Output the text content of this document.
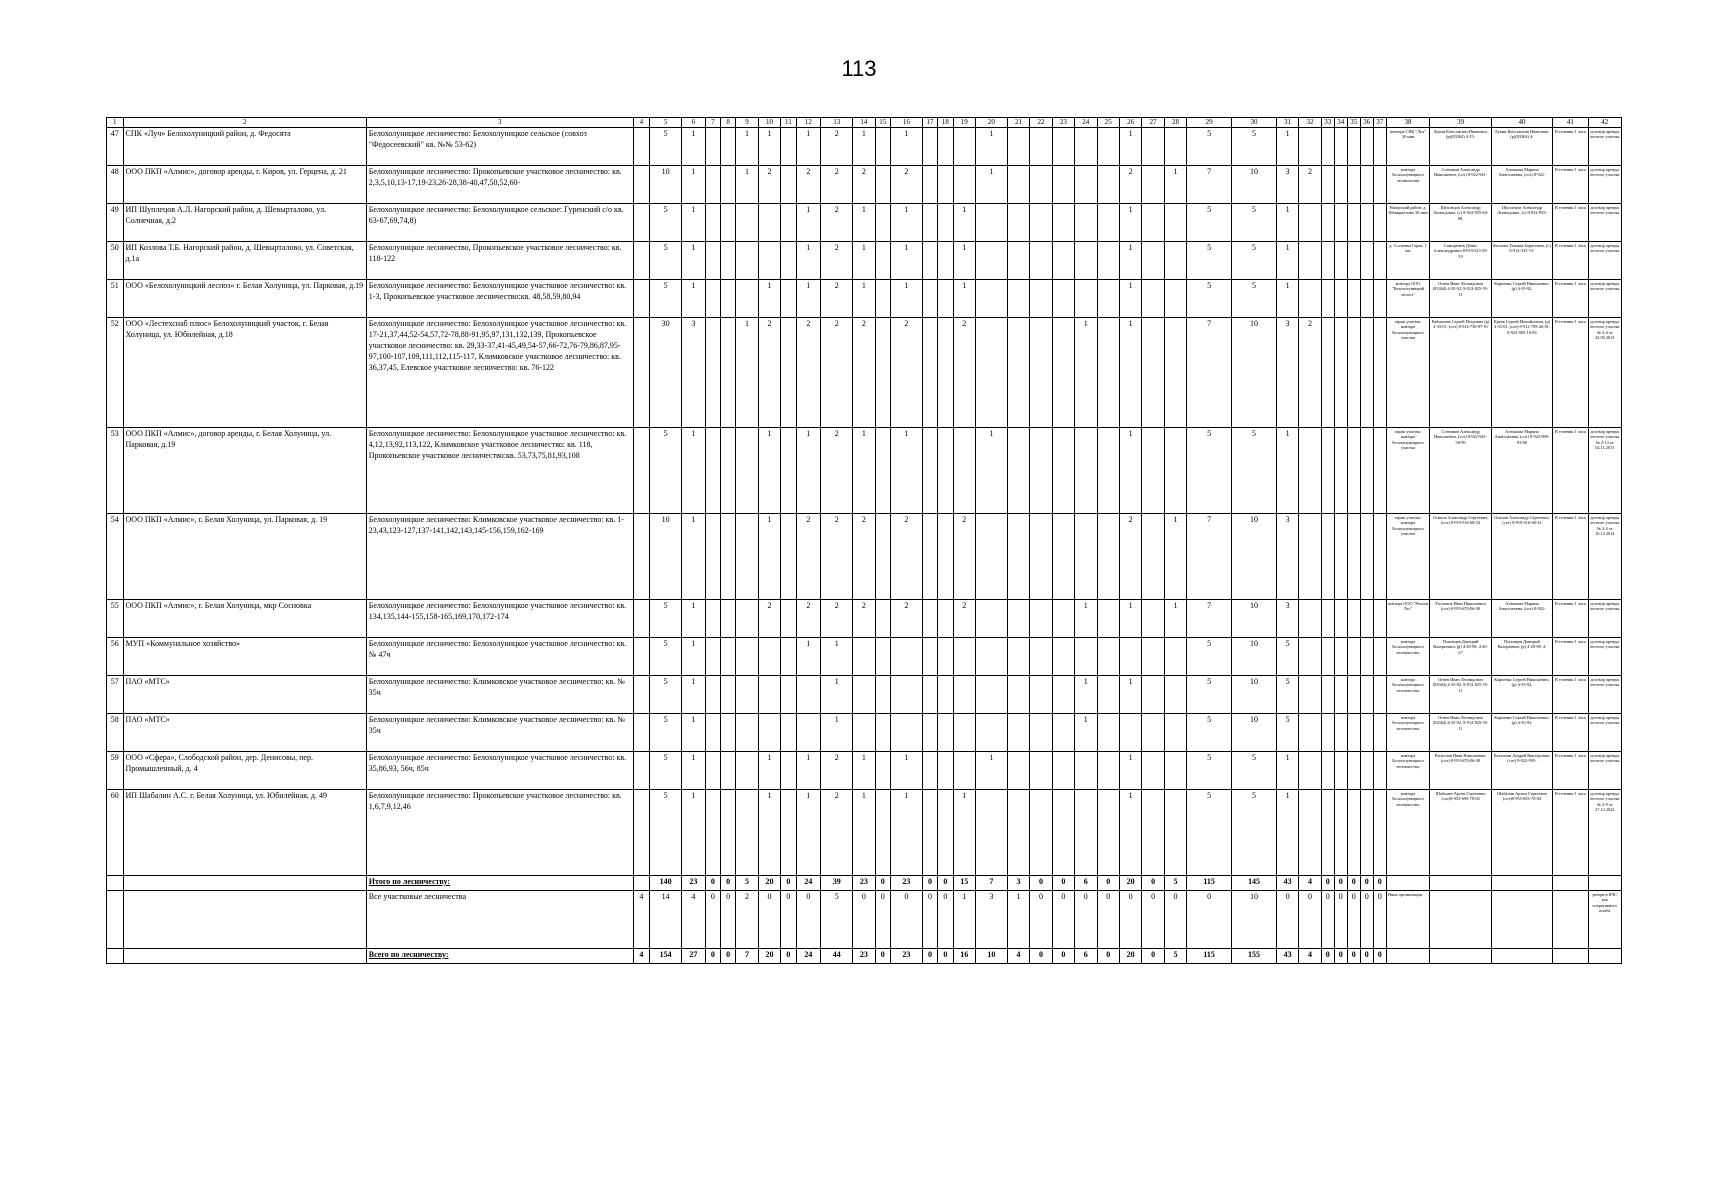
113
1	2	3	4	5	6	7	8	9	10	11	12	13	14	15	16	17	18	19	20	21	22	23	24	25	26	27	28	29	30	31	32	33	34	35	36	37	38	39	40	41	42
47	СПК «Луч» Белохолуницкий район, д. Федосята	Белохолуницкое лесничество: Белохолуницкое сельское (совхоз "Федосеевский" кв. №№ 53-62)		5	1			1	1		1	2	1		1				1						1			5	5	1							контора СПК "Луч" 30 мин	Лукин Константин Иванович, (р)(83364) 4-15-	Лукин Константин Иванович, (р)(83364) 4-	В течении 1 часа	договор аренды лесного участка
48	ООО ПКП «Алмис», договор аренды, г. Киров, ул. Герцена, д. 21	Белохолуницкое лесничество: Прокопьевское участковое лесничество: кв. 2,3,5,10,13-17,19-23,26-28,38-40,47,50,52,60-		10	1			1	2		2	2	2		2				1						2		1	7	10	3	2						контора Белохолуницкого лесничества	Сотников Александр Николаевич, (сот) 8-922-941-	Алтыкова Марина Анатольевна, (сот) 8-922-	В течении 1 часа	договор аренды лесного участка
49	ИП Шуплецов А.Л. Нагорский район, д. Шевырталово, ул. Солнечная, д.2	Белохолуницкое лесничество: Белохолуницкое сельское: Гуренский с/о кв. 63-67,69,74,8)		5	1						1	2	1		1			1							1			5	5	1							Нагорский район, д. Шевырталово 30 мин	Шуплецов Александр Леонидович, (с) 8-922-955-63-68,	Шуплецов Александр Леонидович, (с) 8-922-955-	В течении 1 часа	договор аренды лесного участка
50	ИП Козлова Т.Б. Нагорский район, д. Шевырталово, ул. Советская, д.1а	Белохолуницкое лесничество, Прокопьевское участковое лесничество: кв. 118-122		5	1						1	2	1		1			1							1			5	5	1							д. Сосновка Гарек, 1 час	Самодюков Денис Александрович 8-919-523-59-19	Козлова Татьяна Борисовна, (с) 8-912-333-72-	В течении 1 часа	договор аренды лесного участка
51	ООО «Белохолуницкий леспоз» г. Белая Холуница, ул. Парковая, д.19	Белохолуницкое лесничество: Белохолуницкое участковое лесничество: кв. 1-3, Прокопьевское участковое лесничество:кв. 48,58,59,80,94		5	1				1		1	2	1		1			1							1			5	5	1							контора ООО "Белохолуницкий леспоз"	Огнев Иван Леонидович (83364) 4-35-92, 8-912-825-55-11	Карпенко Сергей Николаевич, (р) 4-35-92,	В течении 1 часа	договор аренды лесного участка
52	ООО «Лестехснаб плюс» Белохолуницкий участок, г. Белая Холуница, ул. Юбилейная, д.18	Белохолуницкое лесничество: Белохолуницкое участковое лесничество: кв. 17-21,37,44,52-54,57,72-78,88-91,95,97,131,132,139, Прокопьевское участковое лесничество: кв. 29,33-37,41-45,49,54-57,66-72,76-79,86,87,95-97,100-107,109,111,112,115-117, Климковское участковое лесничество: кв. 36,37,45, Елевское участковое лесничество: кв. 76-122		30	3			1	2		2	2	2		2			2					1		1			7	10	3	2						гараж участка, контора Белохолуницкого участка	Рябоконев Сергей Петрович (р) 4-33-01, (сот) 8-912-736-97-91	Креев Сергей Михайлович, (р) 4-33-01, (сот) 8-912-709-26-01, 8-922-905-16-83	В течении 1 часа	договор аренды лесного участка № 2-4 от 25.09.2013
53	ООО ПКП «Алмис», договор аренды, г. Белая Холуница, ул. Парковая, д.19	Белохолуницкое лесничество: Белохолуницкое участковое лесничество: кв. 4,12,13,92,113,122, Климковское участковое лесничество: кв. 118, Прокопьевское участковое лесничество:кв. 53,73,75,81,93,108		5	1				1		1	2	1		1				1						1			5	5	1							гараж участка, контора Белохолуницкого участка	Сотников Александр Николаевич, (сот) 8-922-941-50-99	Алтыкова Марина Анатольевна, (сот) 8-922-989-93-80	В течении 1 часа	договор аренды лесного участка № 2-14 от 02.11.2015
54	ООО ПКП «Алмис», г. Белая Холуница, ул. Парковая, д. 19	Белохолуницкое лесничество: Климковское участковое лесничество: кв. 1-23,43,123-127,137-141,142,143,145-156,159,162-169		10	1				1		2	2	2		2			2							2		1	7	10	3							гараж участка, контора Белохолуницкого участка	Осипов Александр Сергеевич, (сот) 8-919-516-68-32	Осипов Александр Сергеевич, (сот) 8-919-516-68-32	В течении 1 часа	договор аренды лесного участка № 2-3 от 10.12.2014
55	ООО ПКП «Алмис», г. Белая Холуница, мкр Сосновка	Белохолуницкое лесничество: Белохолуницкое участковое лесничество: кв. 134,135,144-155,158-165,169,170,172-174		5	1				2		2	2	2		2			2					1		1		1	7	10	3							контора ООО "Регион Лес"	Распопов Иван Николаевич (сот) 8-953-670-06-30	Алтыкова Марина Анатольевна, (сот) 8-922-	В течении 1 часа	договор аренды лесного участка
56	МУП «Коммунальное хозяйство»	Белохолуницкое лесничество: Белохолуницкое участковое лесничество: кв. № 47ч		5	1						1	1																5	10	5							контора Белохолуницкого лесничества,	Поповцев Дмитрий Валерьевич, (р) 4-20-98, 4-20-67	Поповцев Дмитрий Валерьевич, (р) 4-20-98, 4-	В течении 1 часа	договор аренды лесного участка
57	ПАО «МТС»	Белохолуницкое лесничество: Климковское участковое лесничество: кв. № 35ч		5	1							1											1		1			5	10	5							контора Белохолуницкого лесничества,	Огнев Иван Леонидович (83364) 4-35-92, 8-912-825-55-11	Карпенко Сергей Николаевич, (р) 4-35-92,	В течении 1 часа	договор аренды лесного участка
58	ПАО «МТС»	Белохолуницкое лесничество: Климковское участковое лесничество: кв. № 35ч		5	1							1											1					5	10	5							контора Белохолуницкого лесничества,	Огнев Иван Леонидович (83364) 4-35-92, 8-912-825-55-11	Карпенко Сергей Николаевич, (р) 4-35-92,	В течении 1 часа	договор аренды лесного участка
59	ООО «Сфера», Слободской район, дер. Денисовы, пер. Промышленный, д. 4	Белохолуницкое лесничество: Белохолуницкое участковое лесничество: кв. 35,86,93, 56ч, 85ч		5	1				1		1	2	1		1				1						1			5	5	1							контора Белохолуницкого лесничества,	Распопов Иван Николаевич, (сот) 8-953-670-06-30	Балахнин Андрей Викторович, (сот) 8-922-995-	В течении 1 часа	договор аренды лесного участка
60	ИП Шабалин А.С. г. Белая Холуница, ул. Юбилейная, д. 49	Белохолуницкое лесничество: Прокопьевское участковое лесничество: кв. 1,6,7,9,12,46		5	1				1		1	2	1		1			1							1			5	5	1							контора Белохолуницкого лесничества,	Шабалин Артем Сергеевич (сот)8-953-693-70-04	Шабалин Артем Сергеевич (сот)8-953-693-70-04	В течении 1 часа	договор аренды лесного участка № 2-9 от 27.12.2022
		Итого по лесничеству:		140	23	0	0	5	20	0	24	39	23	0	23	0	0	15	7	3	0	0	6	0	20	0	5	115	145	43	4	0	0	0	0	0					
		Все участковые лесничества	4	14	4	0	0	2	0	0	0	5	0	0	0	0	0	1	3	1	0	0	0	0	0	0	0	0	10	0	0	0	0	0	0	0	Иные организации				резерв в КЧС как оперативного штаба
		Всего по лесничеству:	4	154	27	0	0	7	20	0	24	44	23	0	23	0	0	16	10	4	0	0	6	0	20	0	5	115	155	43	4	0	0	0	0	0					
